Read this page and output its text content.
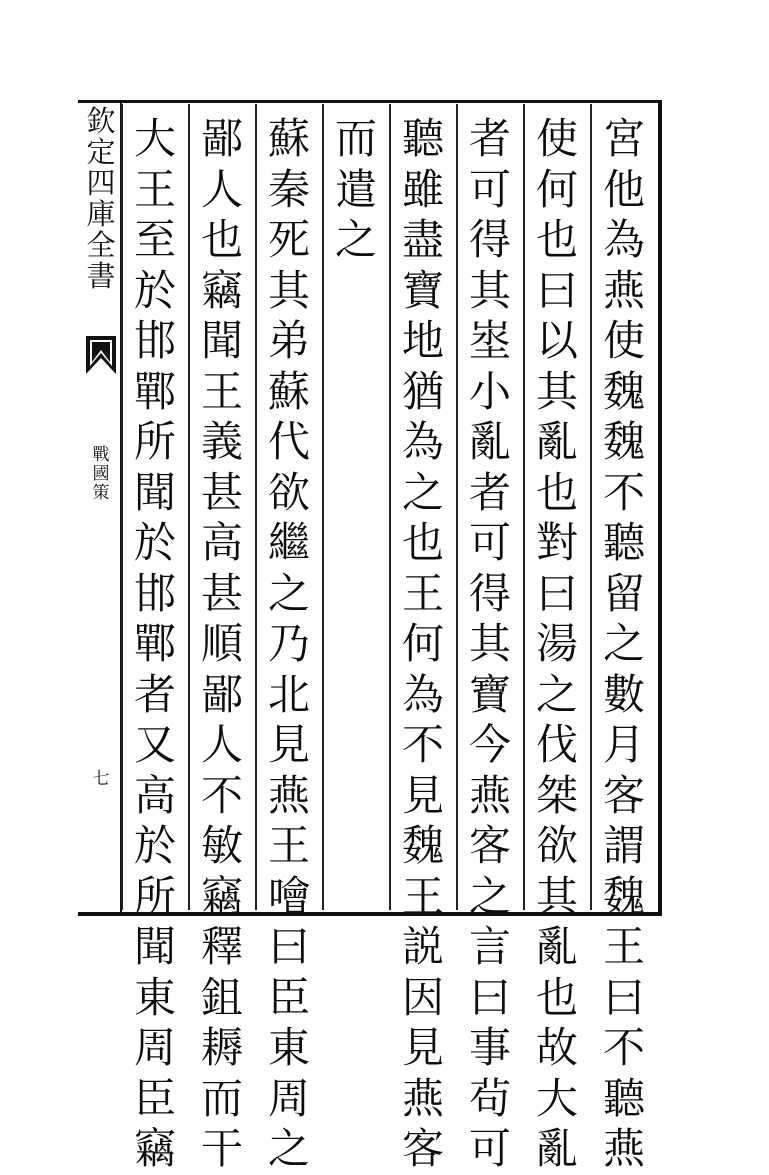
欽
定
四
庫
全
書
戰
國
策
七
宮
他
為
燕
使
魏
魏
不
聽
留
之
數
月
客
謂
魏
王
曰
不
聽
燕
使
何
也
曰
以
其
亂
也
對
曰
湯
之
伐
桀
欲
其
亂
也
故
大
亂
者
可
得
其
埊
小
亂
者
可
得
其
寶
今
燕
客
之
言
曰
事
茍
可
聽
雖
盡
寶
地
猶
為
之
也
王
何
為
不
見
魏
王
説
因
見
燕
客
而
遣
之
蘇
秦
死
其
弟
蘇
代
欲
繼
之
乃
北
見
燕
王
噲
曰
臣
東
周
之
鄙
人
也
竊
聞
王
義
甚
高
甚
順
鄙
人
不
敏
竊
釋
鉏
耨
而
干
大
王
至
於
邯
鄲
所
聞
於
邯
鄲
者
又
高
於
所
聞
東
周
臣
竊
